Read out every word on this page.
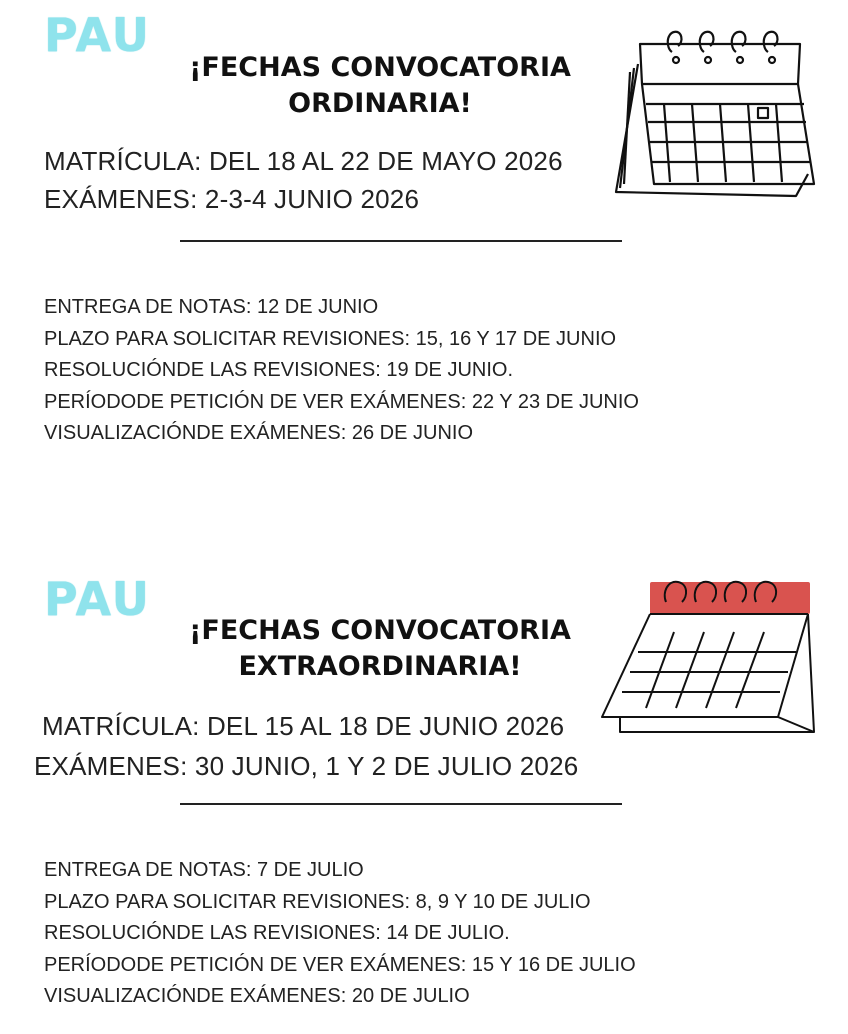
PAU
¡FECHAS CONVOCATORIA
ORDINARIA!
MATRÍCULA: DEL 18 AL 22 DE MAYO 2026
EXÁMENES: 2-3-4 JUNIO 2026
ENTREGA DE NOTAS: 12 DE JUNIO
PLAZO PARA SOLICITAR REVISIONES: 15, 16 Y 17 DE JUNIO
RESOLUCIÓNDE LAS REVISIONES: 19 DE JUNIO.
PERÍODODE PETICIÓN DE VER EXÁMENES: 22 Y 23 DE JUNIO
VISUALIZACIÓNDE EXÁMENES: 26 DE JUNIO
PAU
¡FECHAS CONVOCATORIA
EXTRAORDINARIA!
MATRÍCULA: DEL 15 AL 18 DE JUNIO 2026
EXÁMENES: 30 JUNIO, 1 Y 2 DE JULIO 2026
ENTREGA DE NOTAS: 7 DE JULIO
PLAZO PARA SOLICITAR REVISIONES: 8, 9 Y 10 DE JULIO
RESOLUCIÓNDE LAS REVISIONES: 14 DE JULIO.
PERÍODODE PETICIÓN DE VER EXÁMENES: 15 Y 16 DE JULIO
VISUALIZACIÓNDE EXÁMENES: 20 DE JULIO
